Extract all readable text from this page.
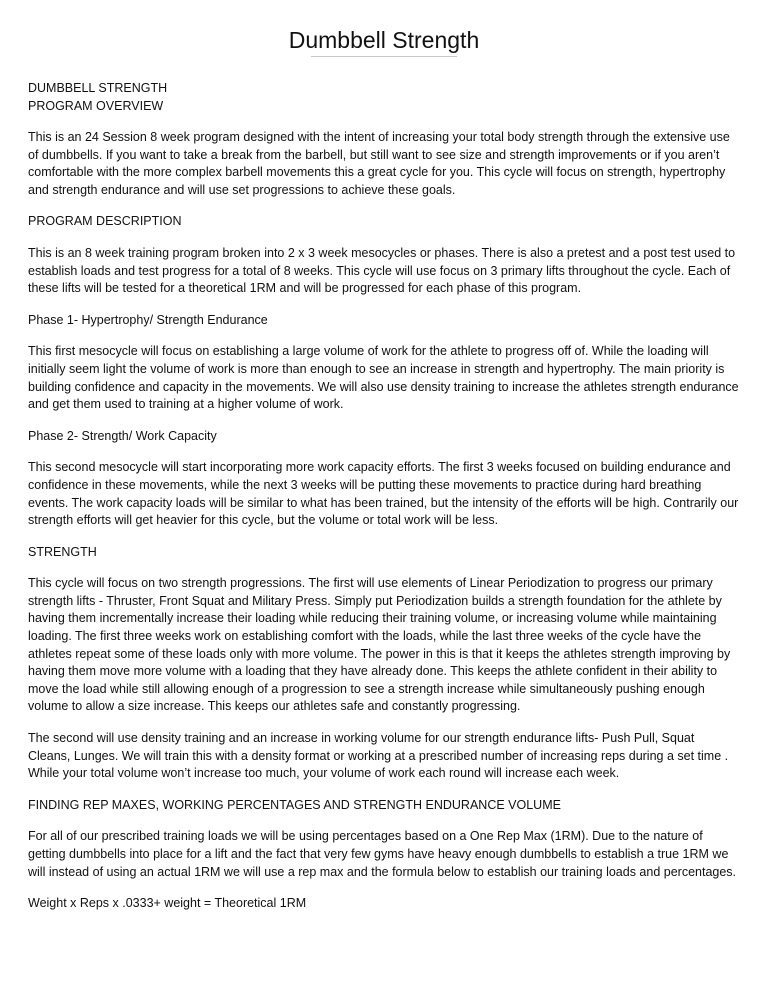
Dumbbell Strength
DUMBBELL STRENGTH
PROGRAM OVERVIEW

This is an 24 Session 8 week program designed with the intent of increasing your total body strength through the extensive use of dumbbells. If you want to take a break from the barbell, but still want to see size and strength improvements or if you aren’t comfortable with the more complex barbell movements this a great cycle for you. This cycle will focus on strength, hypertrophy and strength endurance and will use set progressions to achieve these goals.

PROGRAM DESCRIPTION

This is an 8 week training program broken into 2 x 3 week mesocycles or phases. There is also a pretest and a post test used to establish loads and test progress for a total of 8 weeks. This cycle will use focus on 3 primary lifts throughout the cycle. Each of these lifts will be tested for a theoretical 1RM and will be progressed for each phase of this program.

Phase 1- Hypertrophy/ Strength Endurance

This first mesocycle will focus on establishing a large volume of work for the athlete to progress off of. While the loading will initially seem light the volume of work is more than enough to see an increase in strength and hypertrophy. The main priority is building confidence and capacity in the movements. We will also use density training to increase the athletes strength endurance and get them used to training at a higher volume of work.

Phase 2- Strength/ Work Capacity

This second mesocycle will start incorporating more work capacity efforts. The first 3 weeks focused on building endurance and confidence in these movements, while the next 3 weeks will be putting these movements to practice during hard breathing events. The work capacity loads will be similar to what has been trained, but the intensity of the efforts will be high. Contrarily our strength efforts will get heavier for this cycle, but the volume or total work will be less.

STRENGTH

This cycle will focus on two strength progressions. The first will use elements of Linear Periodization to progress our primary strength lifts - Thruster, Front Squat and Military Press. Simply put Periodization builds a strength foundation for the athlete by having them incrementally increase their loading while reducing their training volume, or increasing volume while maintaining loading. The first three weeks work on establishing comfort with the loads, while the last three weeks of the cycle have the athletes repeat some of these loads only with more volume. The power in this is that it keeps the athletes strength improving by having them move more volume with a loading that they have already done. This keeps the athlete confident in their ability to move the load while still allowing enough of a progression to see a strength increase while simultaneously pushing enough volume to allow a size increase. This keeps our athletes safe and constantly progressing.

The second will use density training and an increase in working volume for our strength endurance lifts- Push Pull, Squat Cleans, Lunges. We will train this with a density format or working at a prescribed number of increasing reps during a set time . While your total volume won’t increase too much, your volume of work each round will increase each week.

FINDING REP MAXES, WORKING PERCENTAGES AND STRENGTH ENDURANCE VOLUME

For all of our prescribed training loads we will be using percentages based on a One Rep Max (1RM). Due to the nature of getting dumbbells into place for a lift and the fact that very few gyms have heavy enough dumbbells to establish a true 1RM we will instead of using an actual 1RM we will use a rep max and the formula below to establish our training loads and percentages.

Weight x Reps x .0333+ weight = Theoretical 1RM
